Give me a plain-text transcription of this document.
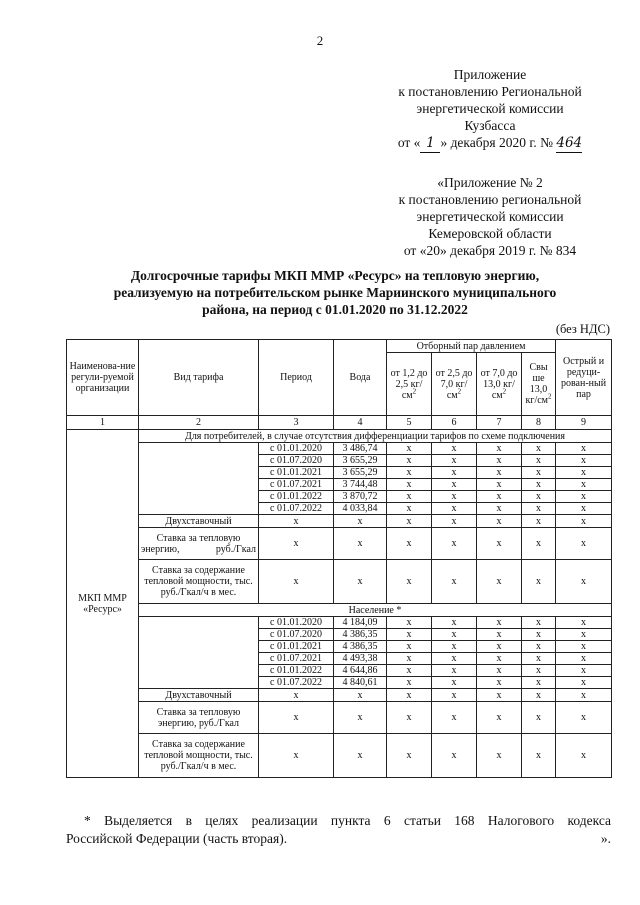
2
Приложение
к постановлению Региональной
энергетической комиссии
Кузбасса
от « 1 » декабря 2020 г. № 464
«Приложение № 2
к постановлению региональной
энергетической комиссии
Кемеровской области
от «20» декабря 2019 г. № 834
Долгосрочные тарифы МКП ММР «Ресурс» на тепловую энергию,
реализуемую на потребительском рынке Мариинского муниципального
района, на период с 01.01.2020 по 31.12.2022
(без НДС)
Наименова-ние регули-руемой организации	Вид тарифа	Период	Вода	Отборный пар давлением				Острый и редуци-рован-ный пар
				от 1,2 до 2,5 $кг/см^2$	от 2,5 до 7,0 $кг/см^2$	от 7,0 до 13,0 $кг/см^2$	Свы ше 13,0 $кг/см^2$
1	2	3	4	5	6	7	8	9
МКП ММР «Ресурс»	Для потребителей, в случае отсутствия дифференциации тарифов по схеме подключения							
		с 01.01.2020	3 486,74	x	x	x	x	x
		с 01.07.2020	3 655,29	x	x	x	x	x
		с 01.01.2021	3 655,29	x	x	x	x	x
		с 01.07.2021	3 744,48	x	x	x	x	x
		с 01.01.2022	3 870,72	x	x	x	x	x
		с 01.07.2022	4 033,84	x	x	x	x	x
	Двухставочный	x	x	x	x	x	x	x
	Ставка за тепловую энергию, руб./Гкал	x	x	x	x	x	x	x
	Ставка за содержание тепловой мощности, тыс. руб./Гкал/ч в мес.	x	x	x	x	x	x	x
	Население *							
		с 01.01.2020	4 184,09	x	x	x	x	x
		с 01.07.2020	4 386,35	x	x	x	x	x
		с 01.01.2021	4 386,35	x	x	x	x	x
		с 01.07.2021	4 493,38	x	x	x	x	x
		с 01.01.2022	4 644,86	x	x	x	x	x
		с 01.07.2022	4 840,61	x	x	x	x	x
	Двухставочный	x	x	x	x	x	x	x
	Ставка за тепловую энергию, руб./Гкал	x	x	x	x	x	x	x
	Ставка за содержание тепловой мощности, тыс. руб./Гкал/ч в мес.	x	x	x	x	x	x	x
* Выделяется в целях реализации пункта 6 статьи 168 Налогового кодекса
Российской Федерации (часть вторая).	».
